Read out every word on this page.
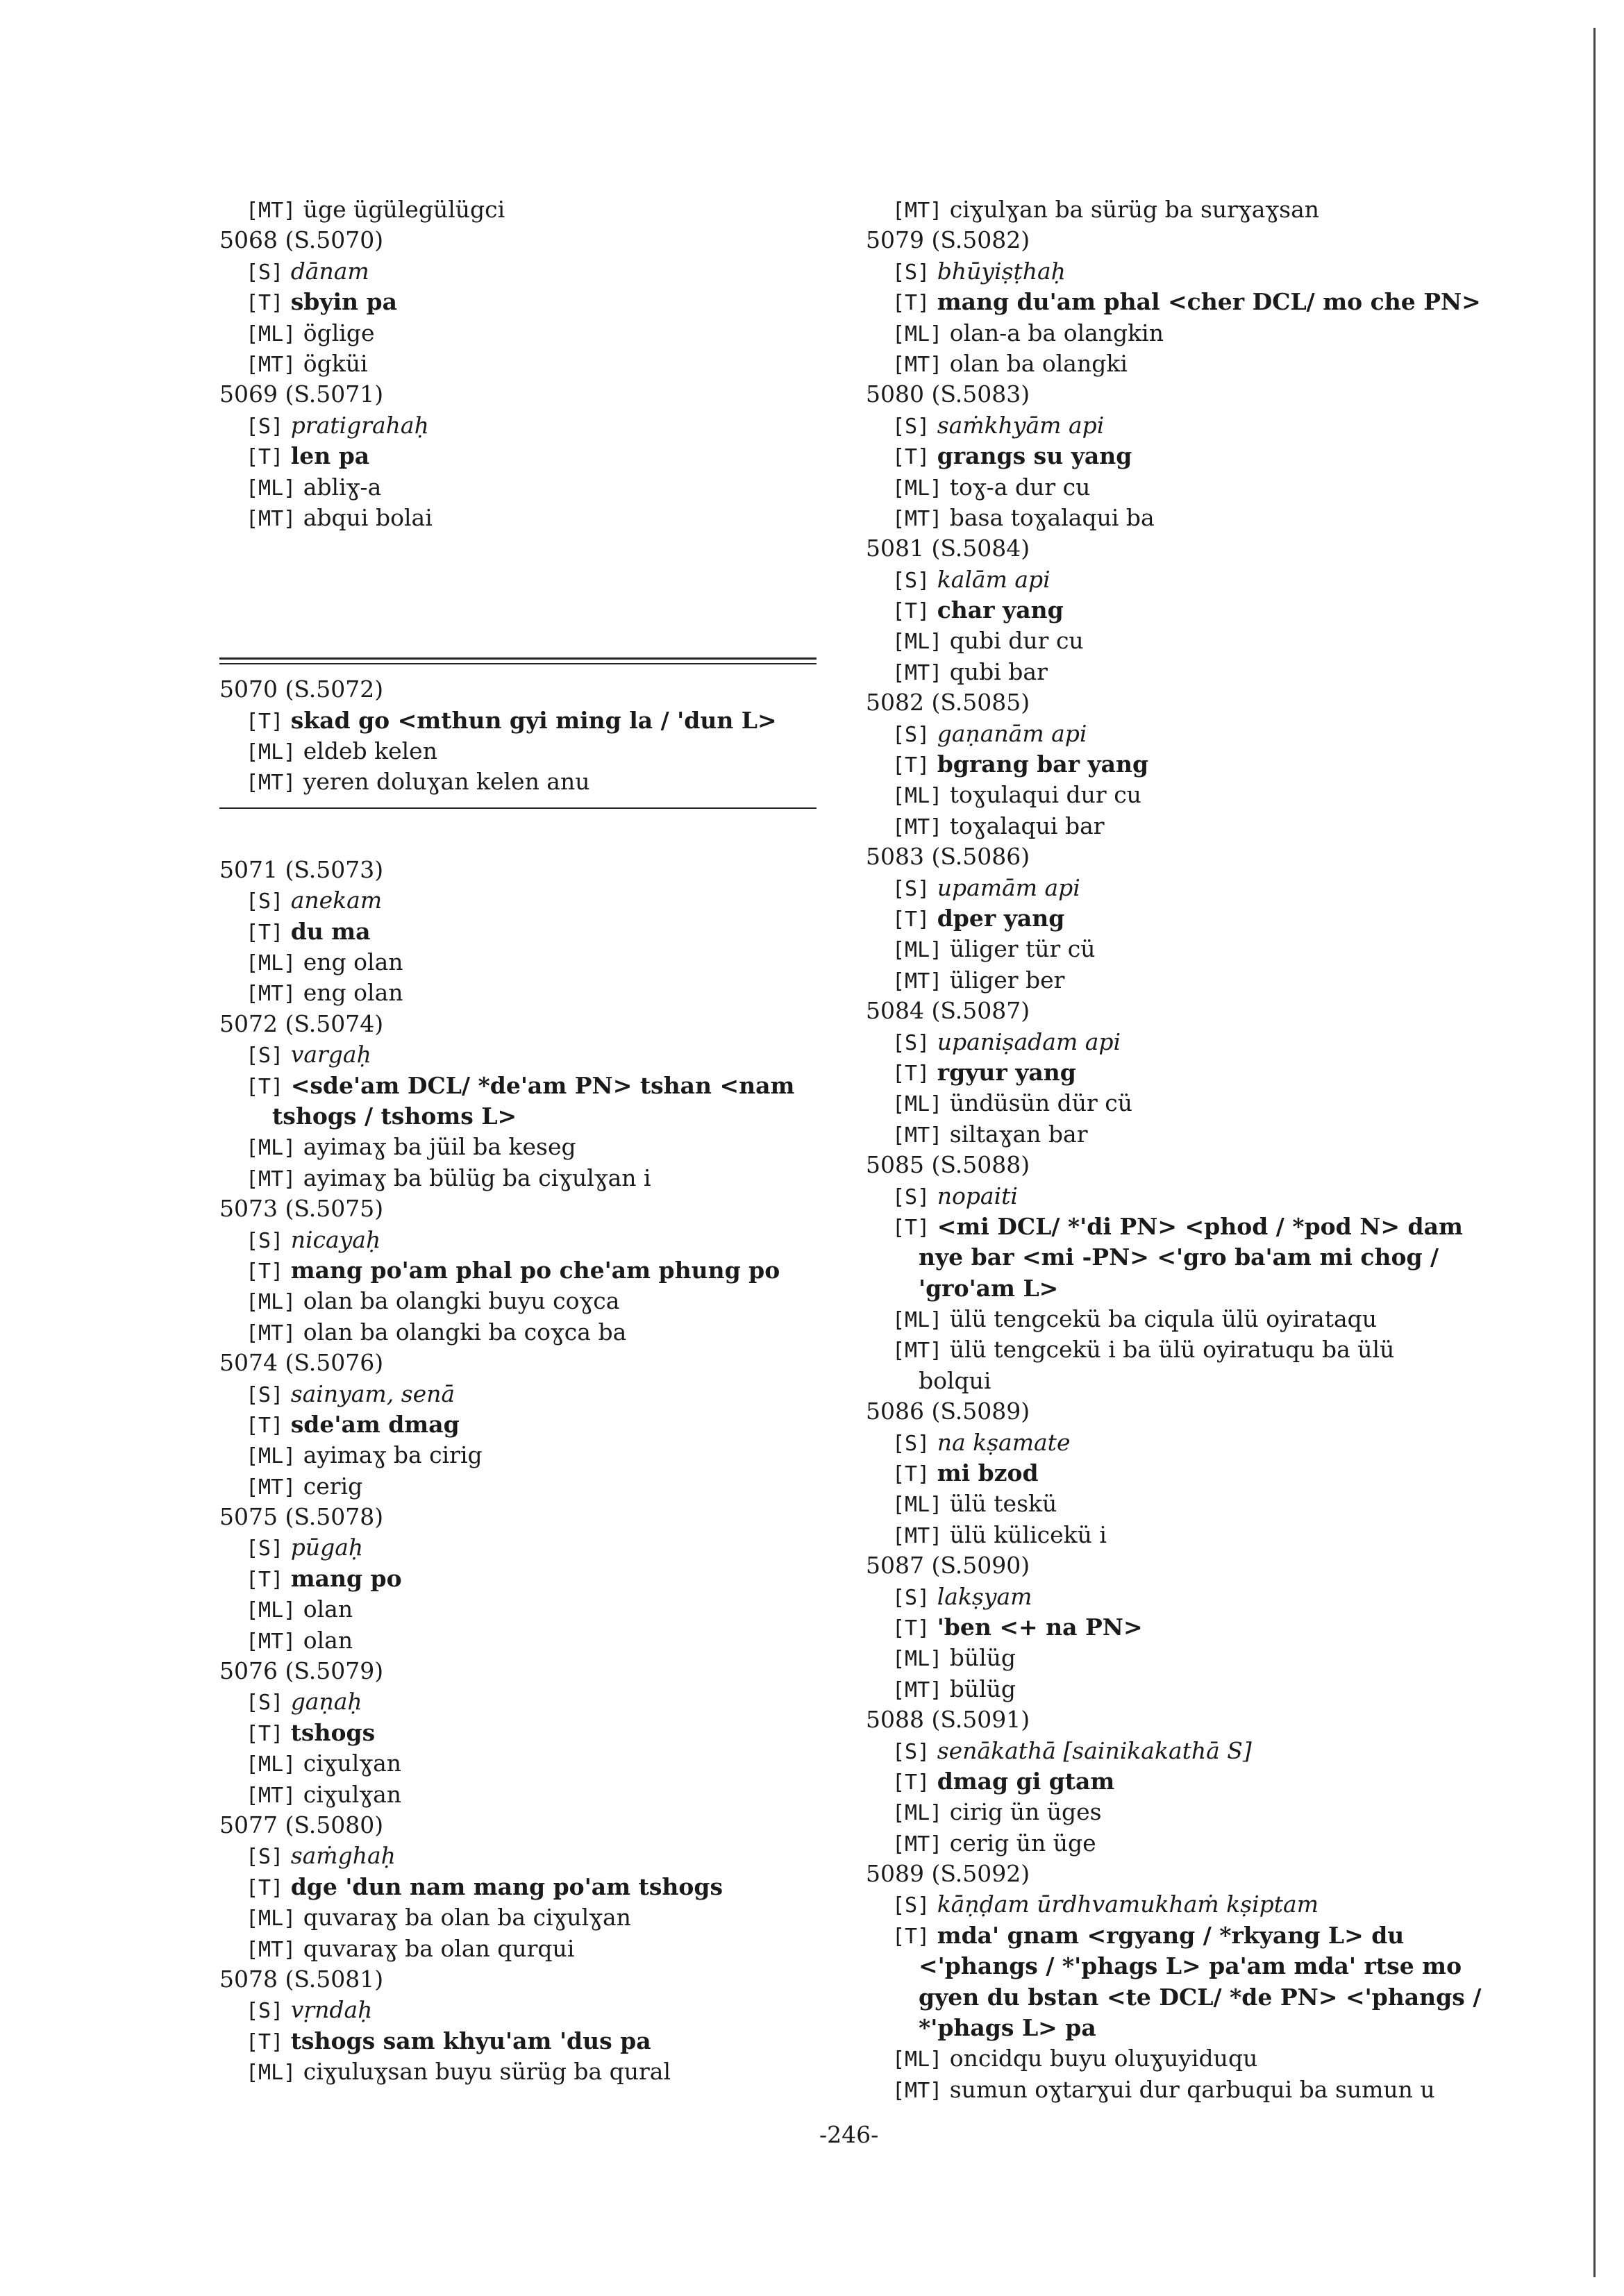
[MT] üge ügülegülügci
5068 (S.5070)
[S] dānam
[T] sbyin pa
[ML] öglige
[MT] ögküi
5069 (S.5071)
[S] pratigrahaḥ
[T] len pa
[ML] abliɣ-a
[MT] abqui bolai
5070 (S.5072)
[T] skad go <mthun gyi ming la / 'dun L>
[ML] eldeb kelen
[MT] yeren doluɣan kelen anu
5071 (S.5073)
[S] anekam
[T] du ma
[ML] eng olan
[MT] eng olan
5072 (S.5074)
[S] vargaḥ
[T] <sde'am DCL/ *de'am PN> tshan <nam
tshogs / tshoms L>
[ML] ayimaɣ ba jüil ba keseg
[MT] ayimaɣ ba bülüg ba ciɣulɣan i
5073 (S.5075)
[S] nicayaḥ
[T] mang po'am phal po che'am phung po
[ML] olan ba olangki buyu coɣca
[MT] olan ba olangki ba coɣca ba
5074 (S.5076)
[S] sainyam, senā
[T] sde'am dmag
[ML] ayimaɣ ba cirig
[MT] cerig
5075 (S.5078)
[S] pūgaḥ
[T] mang po
[ML] olan
[MT] olan
5076 (S.5079)
[S] gaṇaḥ
[T] tshogs
[ML] ciɣulɣan
[MT] ciɣulɣan
5077 (S.5080)
[S] saṁghaḥ
[T] dge 'dun nam mang po'am tshogs
[ML] quvaraɣ ba olan ba ciɣulɣan
[MT] quvaraɣ ba olan qurqui
5078 (S.5081)
[S] vṛndaḥ
[T] tshogs sam khyu'am 'dus pa
[ML] ciɣuluɣsan buyu sürüg ba qural
[MT] ciɣulɣan ba sürüg ba surɣaɣsan
5079 (S.5082)
[S] bhūyiṣṭhaḥ
[T] mang du'am phal <cher DCL/ mo che PN>
[ML] olan-a ba olangkin
[MT] olan ba olangki
5080 (S.5083)
[S] saṁkhyām api
[T] grangs su yang
[ML] toɣ-a dur cu
[MT] basa toɣalaqui ba
5081 (S.5084)
[S] kalām api
[T] char yang
[ML] qubi dur cu
[MT] qubi bar
5082 (S.5085)
[S] gaṇanām api
[T] bgrang bar yang
[ML] toɣulaqui dur cu
[MT] toɣalaqui bar
5083 (S.5086)
[S] upamām api
[T] dper yang
[ML] üliger tür cü
[MT] üliger ber
5084 (S.5087)
[S] upaniṣadam api
[T] rgyur yang
[ML] ündüsün dür cü
[MT] siltaɣan bar
5085 (S.5088)
[S] nopaiti
[T] <mi DCL/ *'di PN> <phod / *pod N> dam
nye bar <mi -PN> <'gro ba'am mi chog /
'gro'am L>
[ML] ülü tengcekü ba ciqula ülü oyirataqu
[MT] ülü tengcekü i ba ülü oyiratuqu ba ülü
bolqui
5086 (S.5089)
[S] na kṣamate
[T] mi bzod
[ML] ülü teskü
[MT] ülü külicekü i
5087 (S.5090)
[S] lakṣyam
[T] 'ben <+ na PN>
[ML] bülüg
[MT] bülüg
5088 (S.5091)
[S] senākathā [sainikakathā S]
[T] dmag gi gtam
[ML] cirig ün üges
[MT] cerig ün üge
5089 (S.5092)
[S] kāṇḍam ūrdhvamukhaṁ kṣiptam
[T] mda' gnam <rgyang / *rkyang L> du
<'phangs / *'phags L> pa'am mda' rtse mo
gyen du bstan <te DCL/ *de PN> <'phangs /
*'phags L> pa
[ML] oncidqu buyu oluɣuyiduqu
[MT] sumun oɣtarɣui dur qarbuqui ba sumun u
-246-
